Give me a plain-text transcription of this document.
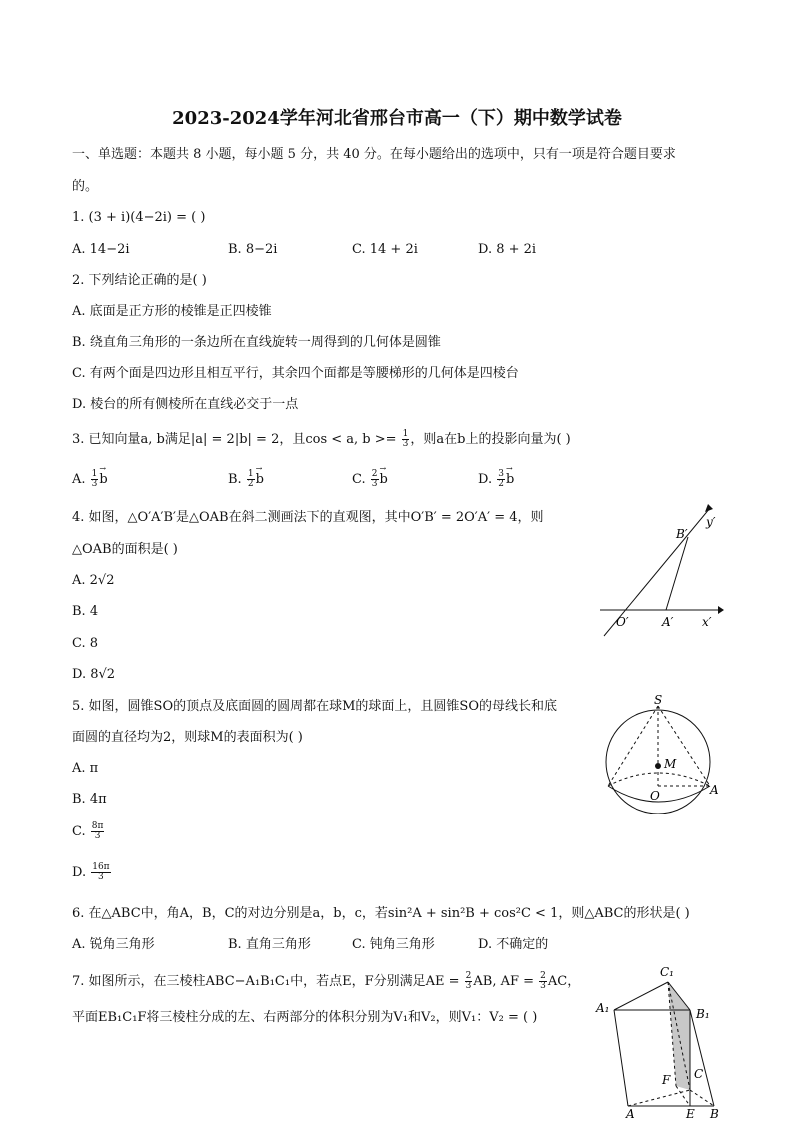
2023-2024学年河北省邢台市高一（下）期中数学试卷
一、单选题：本题共 8 小题，每小题 5 分，共 40 分。在每小题给出的选项中，只有一项是符合题目要求
的。
1. (3 + i)(4−2i) = ( )
A. 14−2i	B. 8−2i	C. 14 + 2i	D. 8 + 2i
2. 下列结论正确的是( )
A. 底面是正方形的棱锥是正四棱锥
B. 绕直角三角形的一条边所在直线旋转一周得到的几何体是圆锥
C. 有两个面是四边形且相互平行，其余四个面都是等腰梯形的几何体是四棱台
D. 棱台的所有侧棱所在直线必交于一点
3. 已知向量a, b满足|a| = 2|b| = 2，且cos < a, $b >= \frac{1}{3}$ ，则a在b上的投影向量为( )
A. $\frac{1}{3}$
→ b	B. $\frac{1}{2}$
→ b	C. $\frac{2}{3}$
→ b	D. $\frac{3}{2}$
→ b
4. 如图，△O′A′B′是△OAB在斜二测画法下的直观图，其中O′B′ = 2O′A′ = 4，则
△OAB的面积是( )
A. 2√2
B. 4
C. 8
D. 8√2
B′
y′
O′	A′ x′
5. 如图，圆锥SO的顶点及底面圆的圆周都在球M的球面上，且圆锥SO的母线长和底
面圆的直径均为2，则球M的表面积为( )
A. π
B. 4π
C. $\frac{8\pi}{3}$
D. $\frac{16\pi}{3}$
S
M
O	A
6. 在△ABC中，角A，B，C的对边分别是a，b，c，若sin²A + sin²B + cos²C < 1，则△ABC的形状是( )
A. 锐角三角形	B. 直角三角形	C. 钝角三角形	D. 不确定的
7. 如图所示，在三棱柱ABC−A₁B₁C₁中，若点E，F分别满足AE = $\frac{2}{3}$ AB, AF = $\frac{2}{3}$ AC，
平面EB₁C₁F将三棱柱分成的左、右两部分的体积分别为V₁和V₂，则V₁：V₂ = ( )
C₁
A₁	B₁
F C
A	E B
